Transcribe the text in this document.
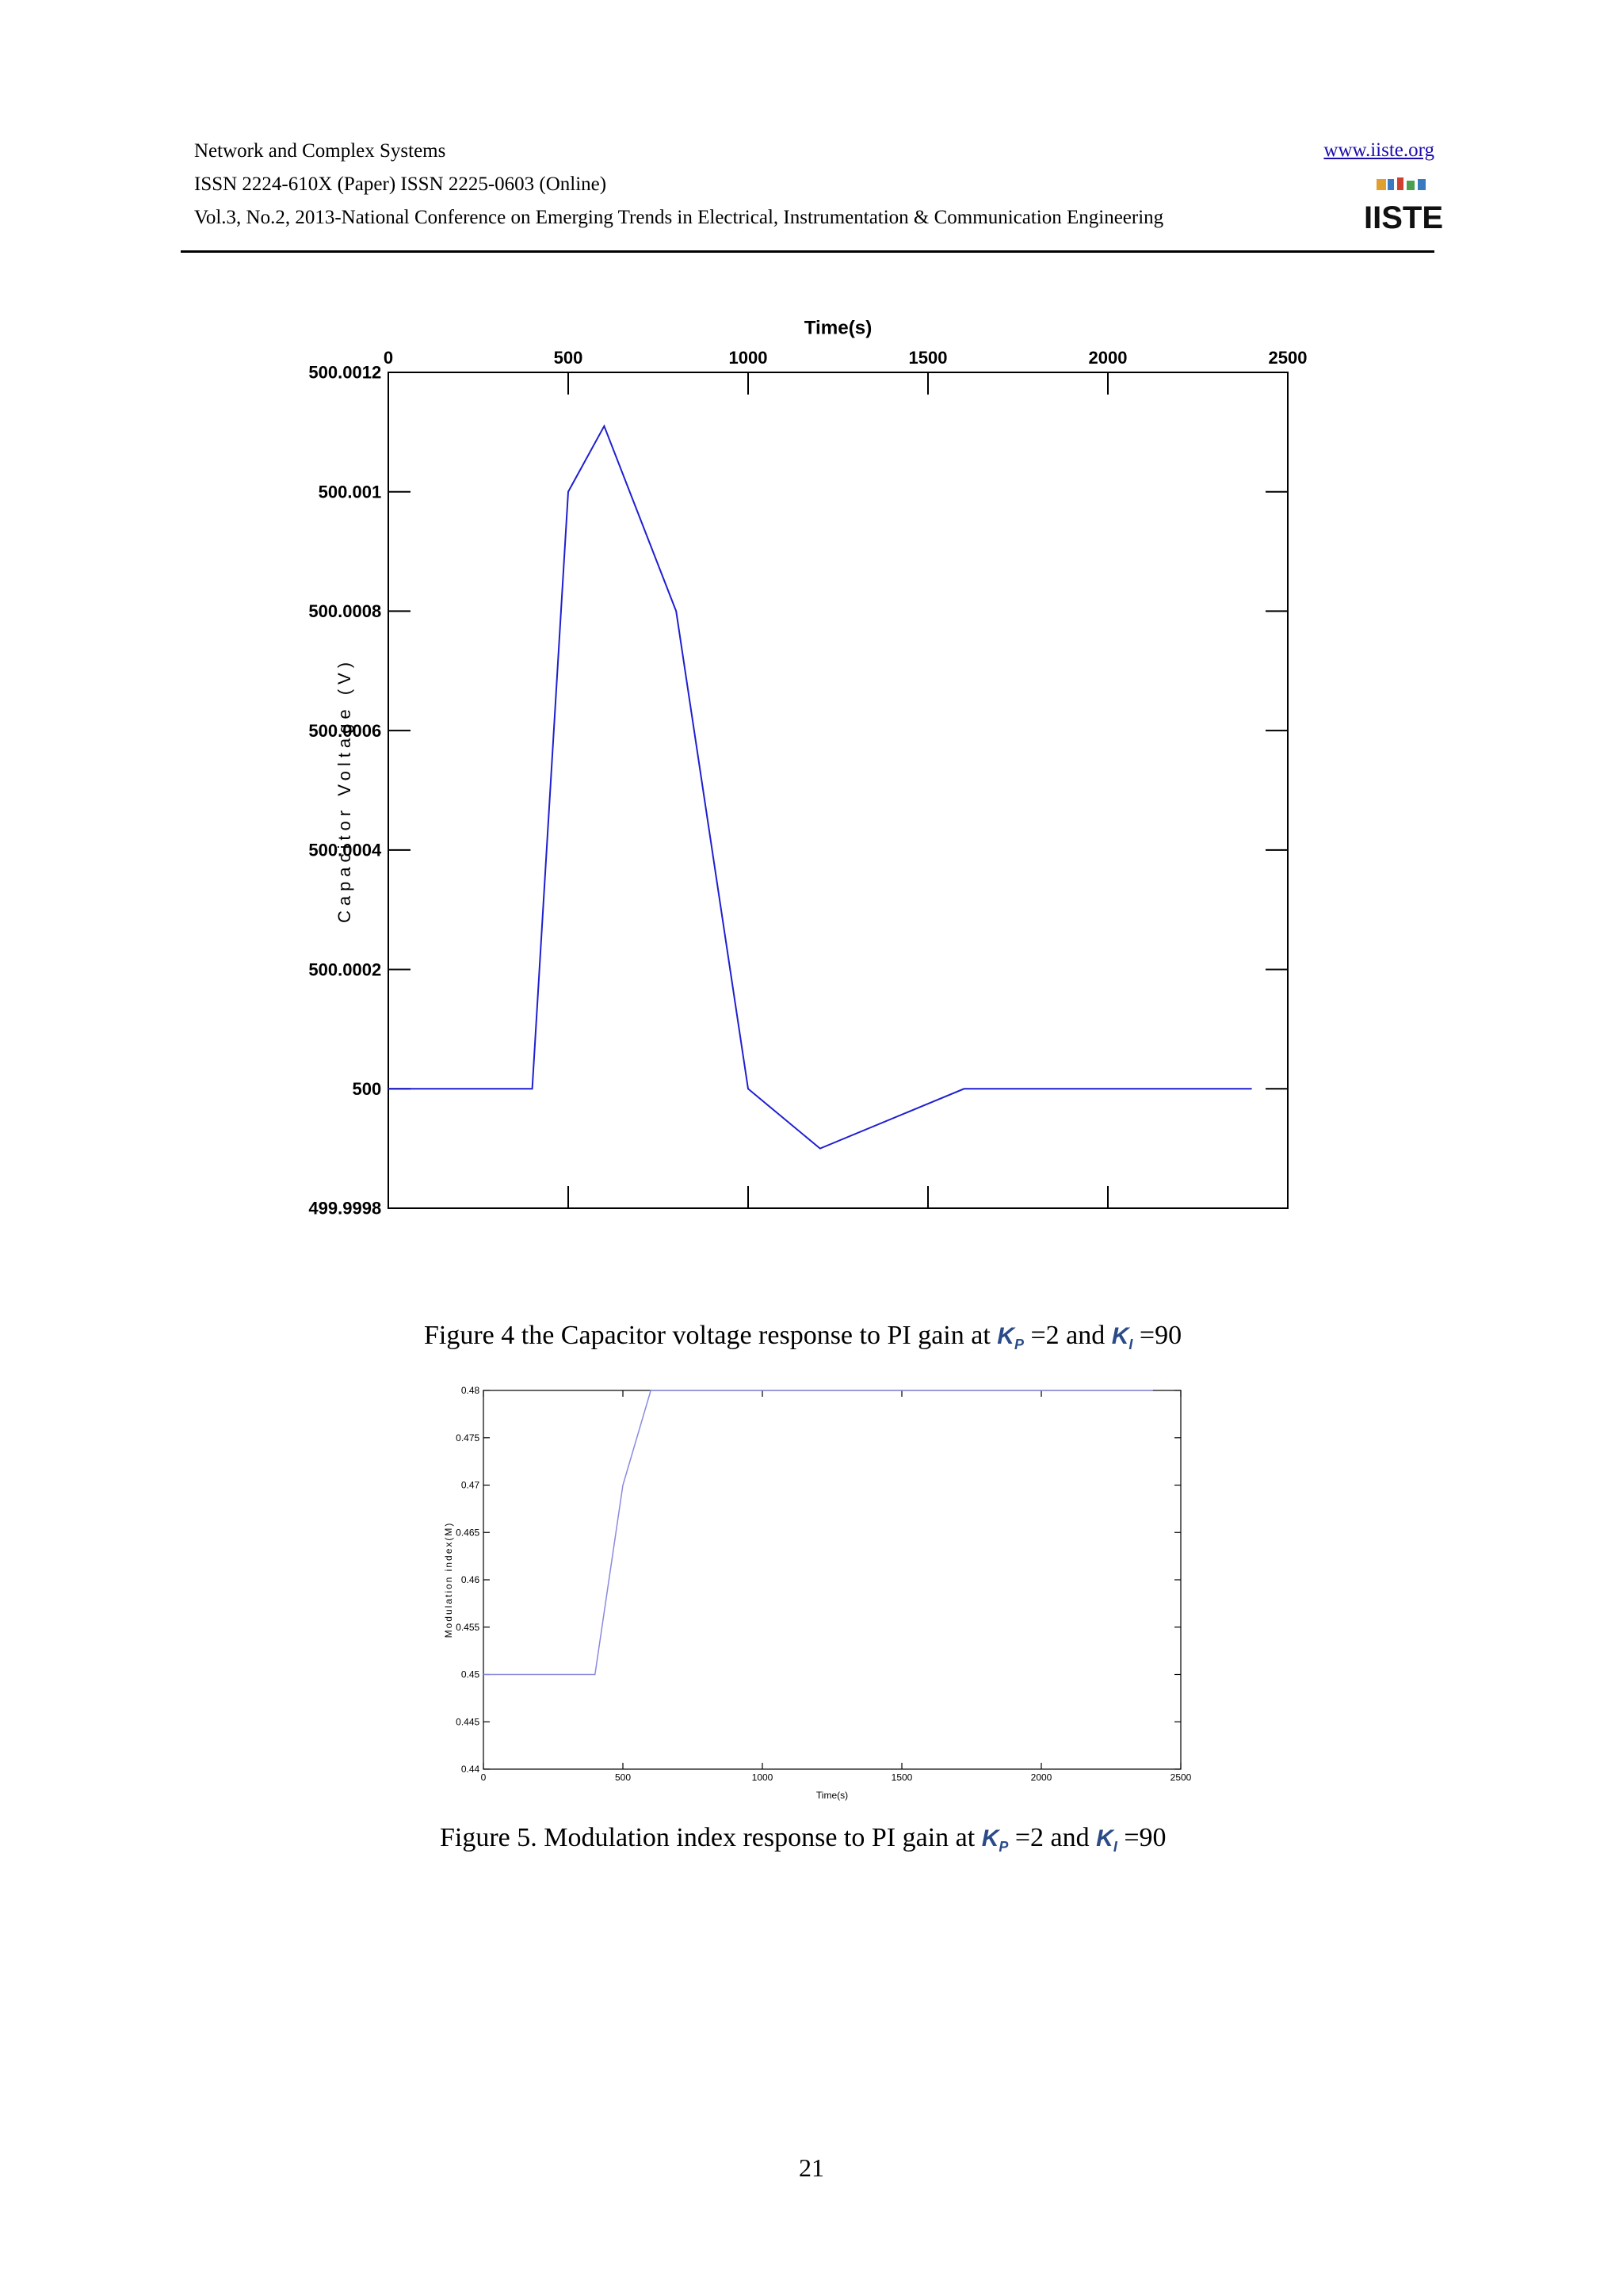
Network and Complex Systems
ISSN 2224-610X (Paper) ISSN 2225-0603 (Online)
Vol.3, No.2, 2013-National Conference on Emerging Trends in Electrical, Instrumentation & Communication Engineering
www.iiste.org
IISTE
0	500	1000	1500	2000	2500
499.9998
500
500.0002
500.0004
500.0006
500.0008
500.001
500.0012
Time(s)
Capacitor Voltage (V)
Figure 4 the Capacitor voltage response to PI gain at $K_P =2$ and $K_I =90$
0	500	1000	1500	2000	2500
0.44
0.445
0.45
0.455
0.46
0.465
0.47
0.475
0.48
Time(s)
Modulation index(M)
Figure 5. Modulation index response to PI gain at $K_P =2$ and $K_I =90$
21
